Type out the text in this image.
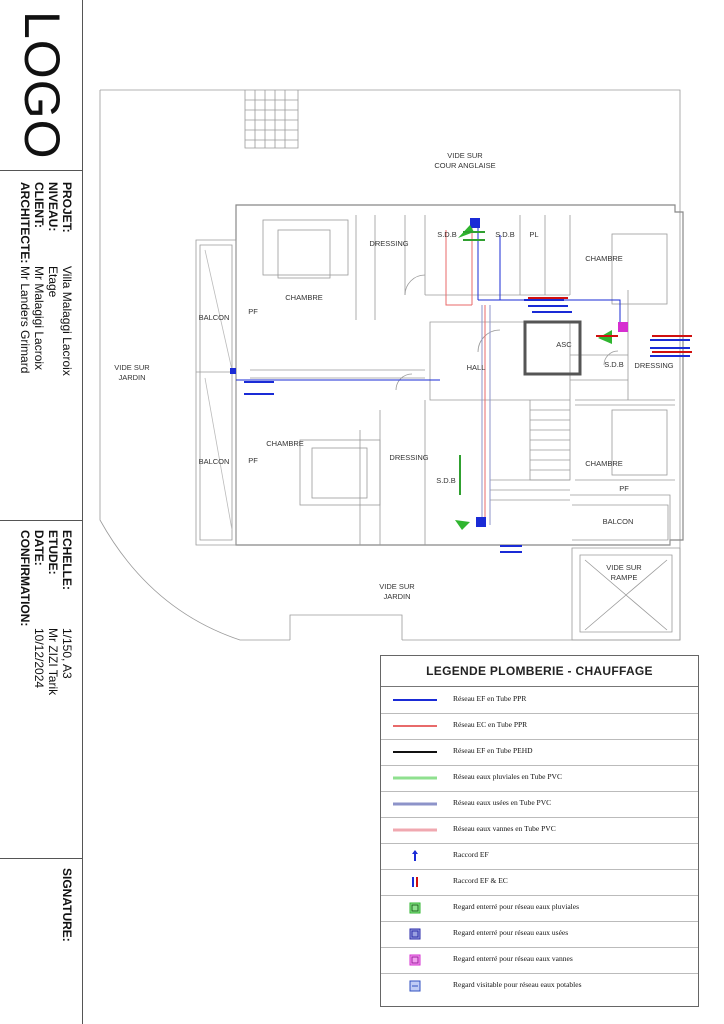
LOGO
PROJET:
NIVEAU:
CLIENT:
ARCHITECTE:
Villa Malaggi Lacroix
Etage
Mr Malagigi Lacroix
Mr Landers Grimard
ECHELLE:
ETUDE:
DATE:
CONFIRMATION:
1/150, A3
Mr ZIZI Tarik
10/12/2024
SIGNATURE:
VIDE SUR
COUR ANGLAISE
VIDE SUR
JARDIN
VIDE SUR
JARDIN
VIDE SUR
RAMPE
BALCON
BALCON
BALCON
PF
PF
PF
PL
CHAMBRE
CHAMBRE
CHAMBRE
CHAMBRE
DRESSING
DRESSING
DRESSING
S.D.B	S.D.B
S.D.B
S.D.B
HALL
ASC
LEGENDE PLOMBERIE - CHAUFFAGE
Réseau EF en Tube PPR
Réseau EC en Tube PPR
Réseau EF en Tube PEHD
Réseau eaux pluviales en Tube PVC
Réseau eaux usées en Tube PVC
Réseau eaux vannes en Tube PVC
Raccord EF
Raccord EF & EC
Regard enterré pour réseau eaux pluviales
Regard enterré pour réseau eaux usées
Regard enterré pour réseau eaux vannes
Regard visitable pour réseau eaux potables
